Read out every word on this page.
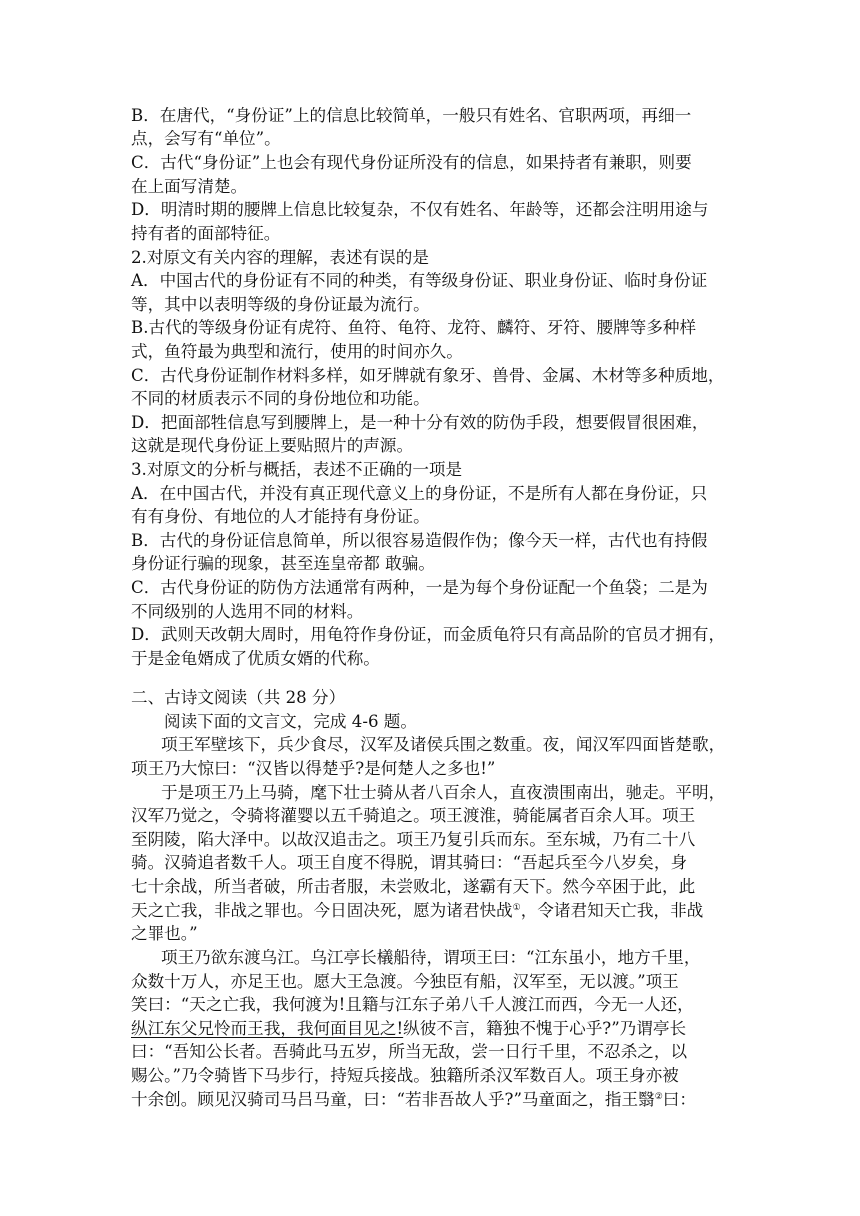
B．在唐代，“身份证”上的信息比较简单，一般只有姓名、官职两项，再细一
点，会写有“单位”。
C．古代“身份证”上也会有现代身份证所没有的信息，如果持者有兼职，则要
在上面写清楚。
D．明清时期的腰牌上信息比较复杂，不仅有姓名、年龄等，还都会注明用途与
持有者的面部特征。
2.对原文有关内容的理解，表述有误的是
A．中国古代的身份证有不同的种类，有等级身份证、职业身份证、临时身份证
等，其中以表明等级的身份证最为流行。
B.古代的等级身份证有虎符、鱼符、龟符、龙符、麟符、牙符、腰牌等多种样
式，鱼符最为典型和流行，使用的时间亦久。
C．古代身份证制作材料多样，如牙牌就有象牙、兽骨、金属、木材等多种质地，
不同的材质表示不同的身份地位和功能。
D．把面部牲信息写到腰牌上，是一种十分有效的防伪手段，想要假冒很困难，
这就是现代身份证上要贴照片的声源。
3.对原文的分析与概括，表述不正确的一项是
A．在中国古代，并没有真正现代意义上的身份证，不是所有人都在身份证，只
有有身份、有地位的人才能持有身份证。
B．古代的身份证信息简单，所以很容易造假作伪；像今天一样，古代也有持假
身份证行骗的现象，甚至连皇帝都 敢骗。
C．古代身份证的防伪方法通常有两种，一是为每个身份证配一个鱼袋；二是为
不同级别的人选用不同的材料。
D．武则天改朝大周时，用龟符作身份证，而金质龟符只有高品阶的官员才拥有，
于是金龟婿成了优质女婿的代称。
二、古诗文阅读（共 28 分）
阅读下面的文言文，完成 4-6 题。
项王军壁垓下，兵少食尽，汉军及诸侯兵围之数重。夜，闻汉军四面皆楚歌，
项王乃大惊曰：“汉皆以得楚乎?是何楚人之多也!”
于是项王乃上马骑，麾下壮士骑从者八百余人，直夜溃围南出，驰走。平明，
汉军乃觉之，令骑将灌婴以五千骑追之。项王渡淮，骑能属者百余人耳。项王
至阴陵，陷大泽中。以故汉追击之。项王乃复引兵而东。至东城，乃有二十八
骑。汉骑追者数千人。项王自度不得脱，谓其骑曰：“吾起兵至今八岁矣，身
七十余战，所当者破，所击者服，未尝败北，遂霸有天下。然今卒困于此，此
天之亡我，非战之罪也。今日固决死，愿为诸君快战①，令诸君知天亡我，非战
之罪也。”
项王乃欲东渡乌江。乌江亭长檥船待，谓项王曰：“江东虽小，地方千里，
众数十万人，亦足王也。愿大王急渡。今独臣有船，汉军至，无以渡。”项王
笑曰：“天之亡我，我何渡为!且籍与江东子弟八千人渡江而西，今无一人还，
纵江东父兄怜而王我，我何面目见之!纵彼不言，籍独不愧于心乎?”乃谓亭长
曰：“吾知公长者。吾骑此马五岁，所当无敌，尝一日行千里，不忍杀之，以
赐公。”乃令骑皆下马步行，持短兵接战。独籍所杀汉军数百人。项王身亦被
十余创。顾见汉骑司马吕马童，曰：“若非吾故人乎?”马童面之，指王翳②曰：
